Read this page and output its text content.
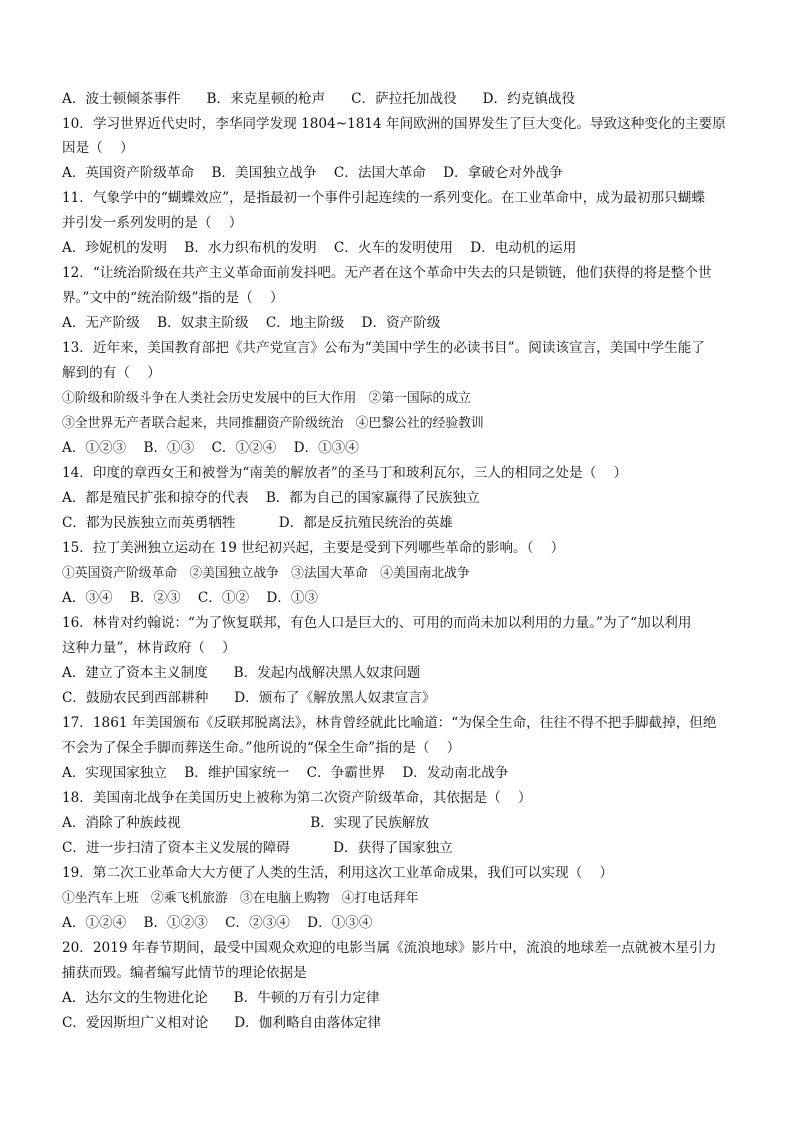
A．波士顿倾茶事件      B．来克星顿的枪声      C．萨拉托加战役      D．约克镇战役
10．学习世界近代史时，李华同学发现 1804~1814 年间欧洲的国界发生了巨大变化。导致这种变化的主要原
因是（    ）
A．英国资产阶级革命    B．美国独立战争    C．法国大革命    D．拿破仑对外战争
11．气象学中的“蝴蝶效应”，是指最初一个事件引起连续的一系列变化。在工业革命中，成为最初那只蝴蝶
并引发一系列发明的是（    ）
A．珍妮机的发明    B．水力织布机的发明    C．火车的发明使用    D．电动机的运用
12．“让统治阶级在共产主义革命面前发抖吧。无产者在这个革命中失去的只是锁链，他们获得的将是整个世
界。”文中的“统治阶级”指的是（    ）
A．无产阶级    B．奴隶主阶级    C．地主阶级    D．资产阶级
13．近年来，美国教育部把《共产党宣言》公布为“美国中学生的必读书目”。阅读该宣言，美国中学生能了
解到的有（    ）
①阶级和阶级斗争在人类社会历史发展中的巨大作用   ②第一国际的成立
③全世界无产者联合起来，共同推翻资产阶级统治   ④巴黎公社的经验教训
A．①②③    B．①③    C．①②④    D．①③④
14．印度的章西女王和被誉为“南美的解放者”的圣马丁和玻利瓦尔，三人的相同之处是（    ）
A．都是殖民扩张和掠夺的代表    B．都为自己的国家赢得了民族独立
C．都为民族独立而英勇牺牲          D．都是反抗殖民统治的英雄
15．拉丁美洲独立运动在 19 世纪初兴起，主要是受到下列哪些革命的影响。（    ）
①英国资产阶级革命   ②美国独立战争   ③法国大革命   ④美国南北战争
A．③④    B．②③    C．①②    D．①③
16．林肯对约翰说：“为了恢复联邦，有色人口是巨大的、可用的而尚未加以利用的力量。”为了“加以利用
这种力量”，林肯政府（    ）
A．建立了资本主义制度      B．发起内战解决黑人奴隶问题
C．鼓励农民到西部耕种      D．颁布了《解放黑人奴隶宣言》
17．1861 年美国颁布《反联邦脱离法》，林肯曾经就此比喻道：“为保全生命，往往不得不把手脚截掉，但绝
不会为了保全手脚而葬送生命。”他所说的“保全生命”指的是（    ）
A．实现国家独立    B．维护国家统一    C．争霸世界    D．发动南北战争
18．美国南北战争在美国历史上被称为第二次资产阶级革命，其依据是（    ）
A．消除了种族歧视                              B．实现了民族解放
C．进一步扫清了资本主义发展的障碍          D．获得了国家独立
19．第二次工业革命大大方便了人类的生活，利用这次工业革命成果，我们可以实现（    ）
①坐汽车上班   ②乘飞机旅游   ③在电脑上购物   ④打电话拜年
A．①②④    B．①②③    C．②③④    D．①③④
20．2019 年春节期间，最受中国观众欢迎的电影当属《流浪地球》影片中，流浪的地球差一点就被木星引力
捕获而毁。编者编写此情节的理论依据是
A．达尔文的生物进化论      B．牛顿的万有引力定律
C．爱因斯坦广义相对论      D．伽利略自由落体定律
